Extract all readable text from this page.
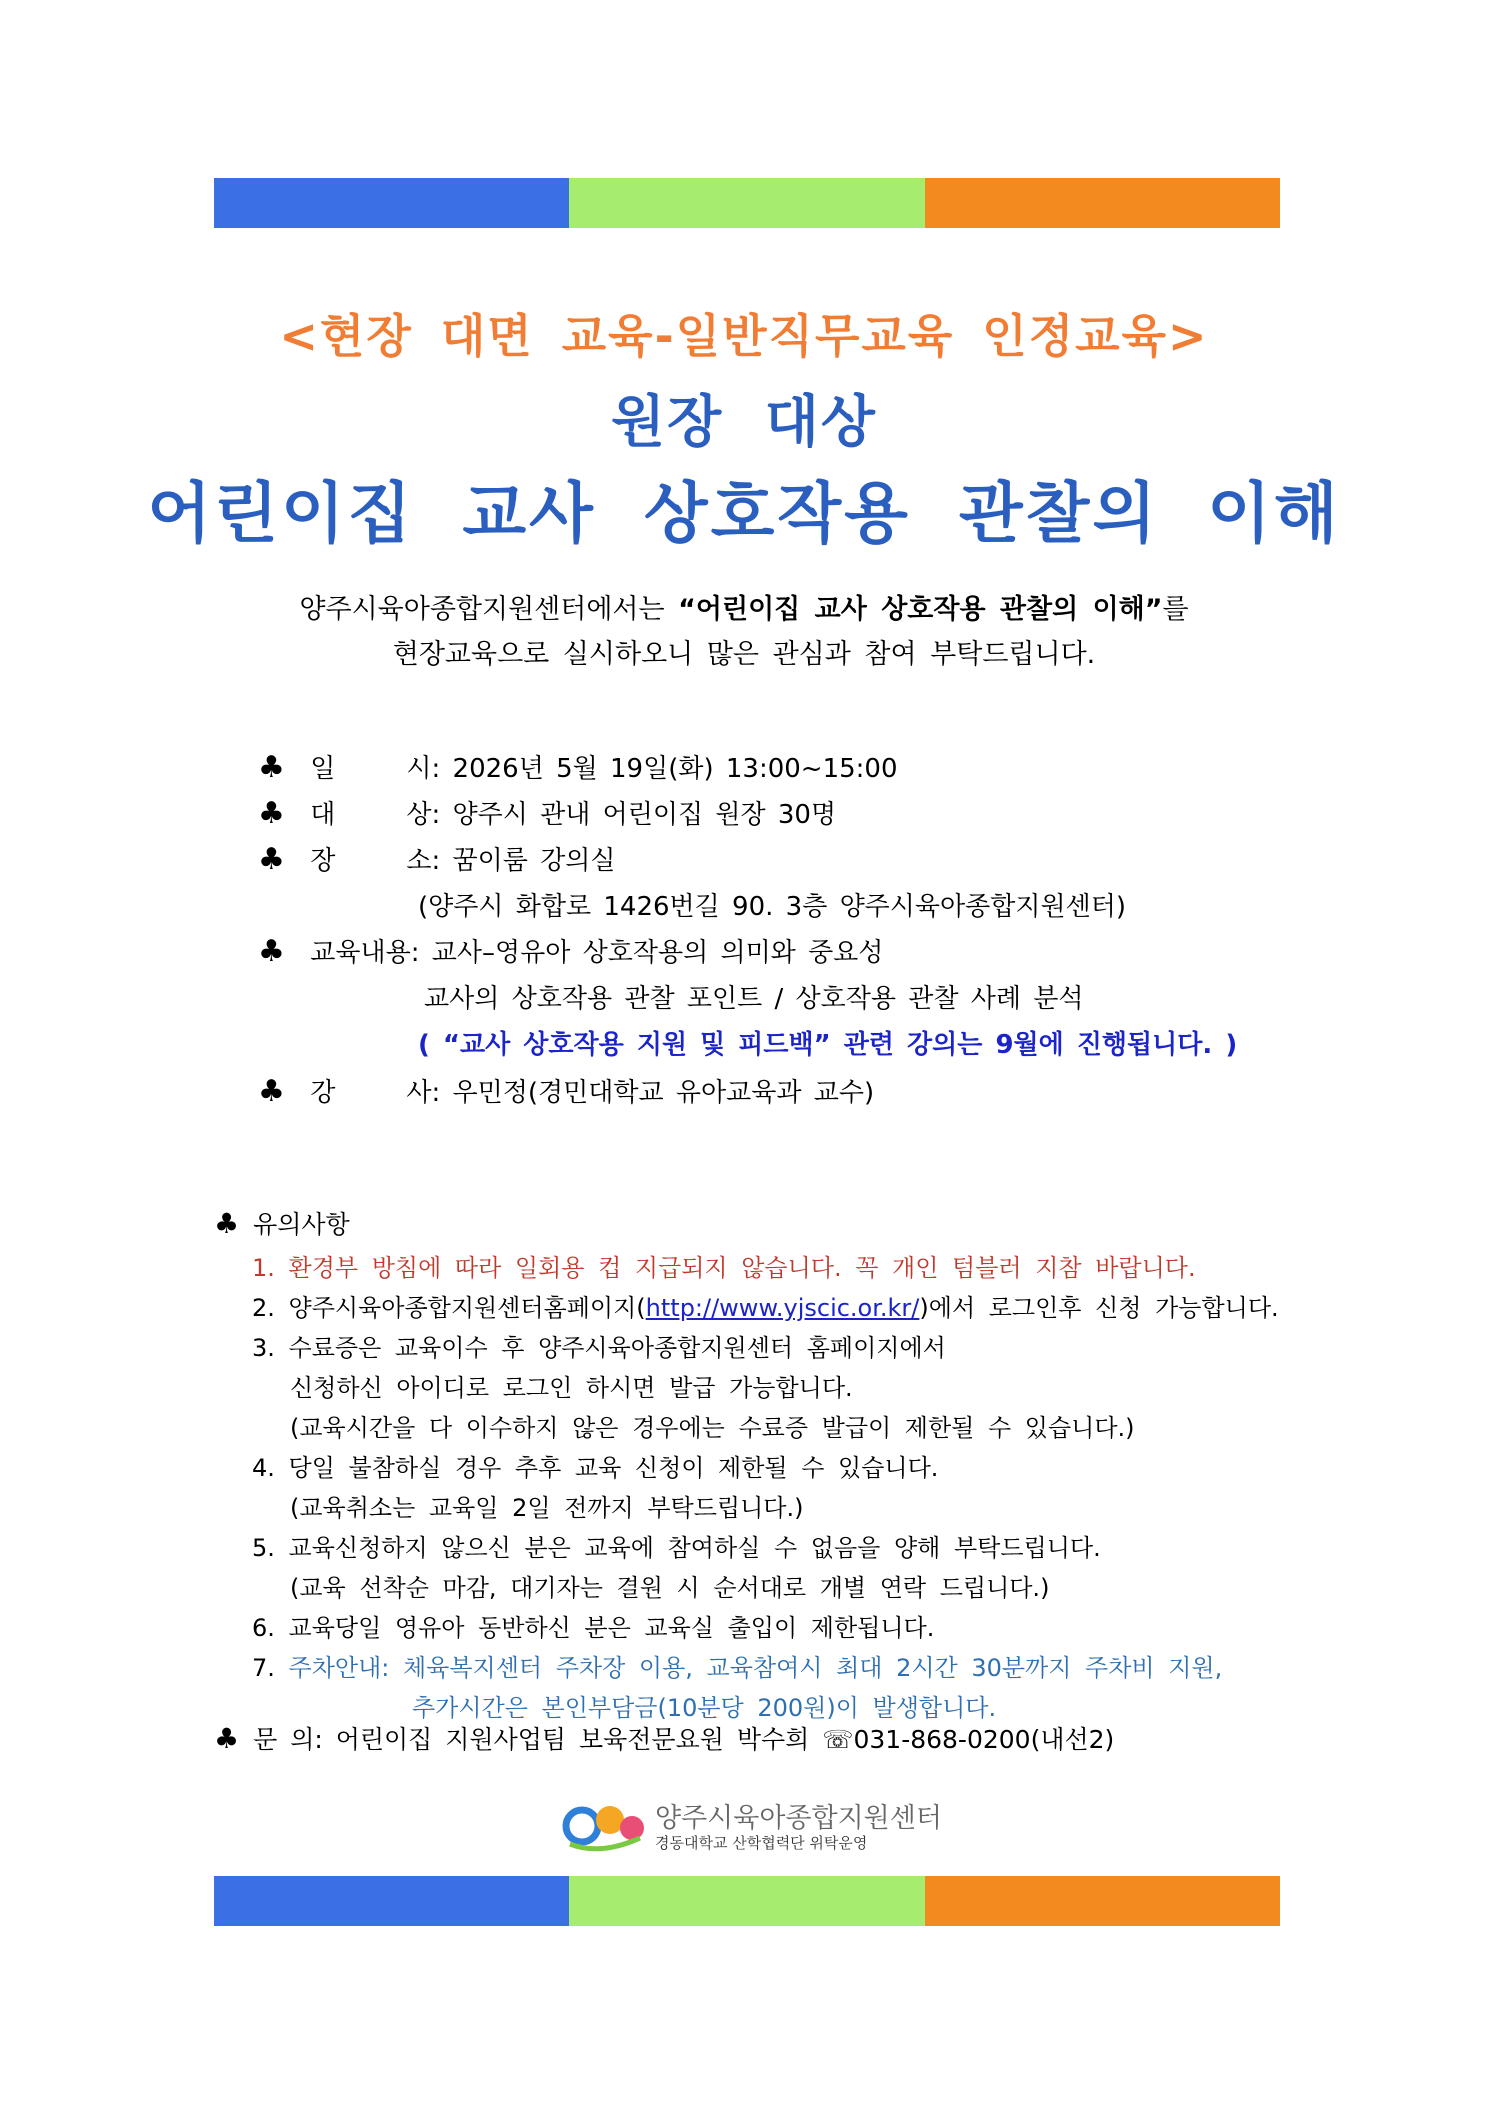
<현장 대면 교육-일반직무교육 인정교육>
원장 대상
어린이집 교사 상호작용 관찰의 이해
양주시육아종합지원센터에서는 “어린이집 교사 상호작용 관찰의 이해”를
현장교육으로 실시하오니 많은 관심과 참여 부탁드립니다.
♣ 일	시: 2026년 5월 19일(화) 13:00~15:00
♣ 대	상: 양주시 관내 어린이집 원장 30명
♣ 장	소: 꿈이룸 강의실
(양주시 화합로 1426번길 90. 3층 양주시육아종합지원센터)
♣ 교육내용: 교사–영유아 상호작용의 의미와 중요성
교사의 상호작용 관찰 포인트 / 상호작용 관찰 사례 분석
( “교사 상호작용 지원 및 피드백” 관련 강의는 9월에 진행됩니다. )
♣ 강	사: 우민정(경민대학교 유아교육과 교수)
♣ 유의사항
1. 환경부 방침에 따라 일회용 컵 지급되지 않습니다. 꼭 개인 텀블러 지참 바랍니다.
2. 양주시육아종합지원센터홈페이지(http://www.yjscic.or.kr/)에서 로그인후 신청 가능합니다.
3. 수료증은 교육이수 후 양주시육아종합지원센터 홈페이지에서
신청하신 아이디로 로그인 하시면 발급 가능합니다.
(교육시간을 다 이수하지 않은 경우에는 수료증 발급이 제한될 수 있습니다.)
4. 당일 불참하실 경우 추후 교육 신청이 제한될 수 있습니다.
(교육취소는 교육일 2일 전까지 부탁드립니다.)
5. 교육신청하지 않으신 분은 교육에 참여하실 수 없음을 양해 부탁드립니다.
(교육 선착순 마감, 대기자는 결원 시 순서대로 개별 연락 드립니다.)
6. 교육당일 영유아 동반하신 분은 교육실 출입이 제한됩니다.
7. 주차안내: 체육복지센터 주차장 이용, 교육참여시 최대 2시간 30분까지 주차비 지원,
추가시간은 본인부담금(10분당 200원)이 발생합니다.
♣ 문 의: 어린이집 지원사업팀 보육전문요원 박수희 ☏031-868-0200(내선2)
양주시육아종합지원센터
경동대학교 산학협력단 위탁운영
